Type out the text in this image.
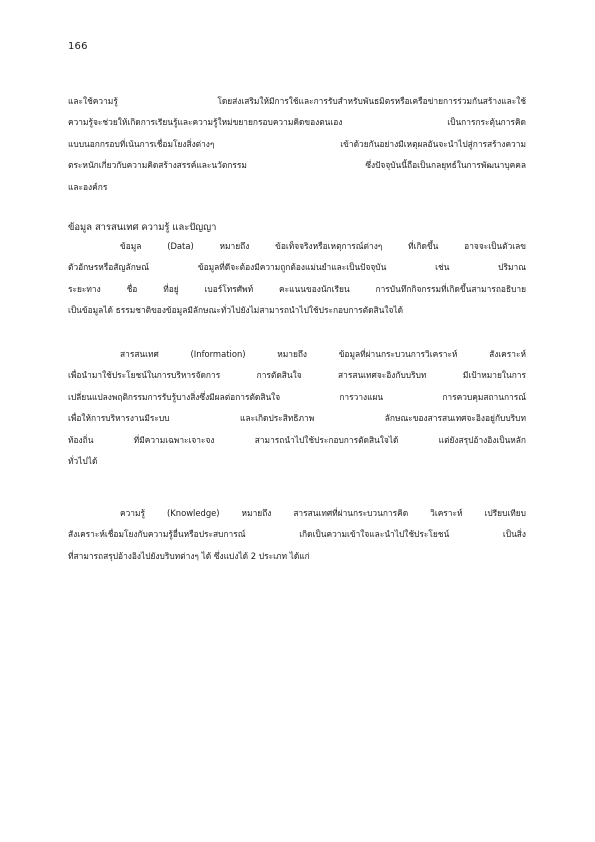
166
และใช้ความรู้ โดยส่งเสริมให้มีการใช้และการรับสำหรับพันธมิตรหรือเครือข่ายการร่วมกันสร้างและใช้
ความรู้จะช่วยให้เกิดการเรียนรู้และความรู้ใหม่ขยายกรอบความคิดของตนเอง เป็นการกระตุ้นการคิด
แบบนอกกรอบที่เน้นการเชื่อมโยงสิ่งต่างๆ เข้าด้วยกันอย่างมีเหตุผลอันจะนำไปสู่การสร้างความ
ตระหนักเกี่ยวกับความคิดสร้างสรรค์และนวัตกรรม ซึ่งปัจจุบันนี้ถือเป็นกลยุทธ์ในการพัฒนาบุคคล
และองค์กร
ข้อมูล สารสนเทศ ความรู้ และปัญญา
ข้อมูล (Data) หมายถึง ข้อเท็จจริงหรือเหตุการณ์ต่างๆ ที่เกิดขึ้น อาจจะเป็นตัวเลข
ตัวอักษรหรือสัญลักษณ์ ข้อมูลที่ดีจะต้องมีความถูกต้องแม่นยำและเป็นปัจจุบัน เช่น ปริมาณ
ระยะทาง ชื่อ ที่อยู่ เบอร์โทรศัพท์ คะแนนของนักเรียน การบันทึกกิจกรรมที่เกิดขึ้นสามารถอธิบาย
เป็นข้อมูลได้ ธรรมชาติของข้อมูลมีลักษณะทั่วไปยังไม่สามารถนำไปใช้ประกอบการตัดสินใจได้
สารสนเทศ (Information) หมายถึง ข้อมูลที่ผ่านกระบวนการวิเคราะห์ สังเคราะห์
เพื่อนำมาใช้ประโยชน์ในการบริหารจัดการ การตัดสินใจ สารสนเทศจะอิงกับบริบท มีเป้าหมายในการ
เปลี่ยนแปลงพฤติกรรมการรับรู้บางสิ่งซึ่งมีผลต่อการตัดสินใจ การวางแผน การควบคุมสถานการณ์
เพื่อให้การบริหารงานมีระบบ และเกิดประสิทธิภาพ ลักษณะของสารสนเทศจะอิงอยู่กับบริบท
ท้องถิ่น ที่มีความเฉพาะเจาะจง สามารถนำไปใช้ประกอบการตัดสินใจได้ แต่ยังสรุปอ้างอิงเป็นหลัก
ทั่วไปได้
ความรู้ (Knowledge) หมายถึง สารสนเทศที่ผ่านกระบวนการคิด วิเคราะห์ เปรียบเทียบ
สังเคราะห์เชื่อมโยงกับความรู้อื่นหรือประสบการณ์ เกิดเป็นความเข้าใจและนำไปใช้ประโยชน์ เป็นสิ่ง
ที่สามารถสรุปอ้างอิงไปยังบริบทต่างๆ ได้ ซึ่งแบ่งได้ 2 ประเภท ได้แก่
